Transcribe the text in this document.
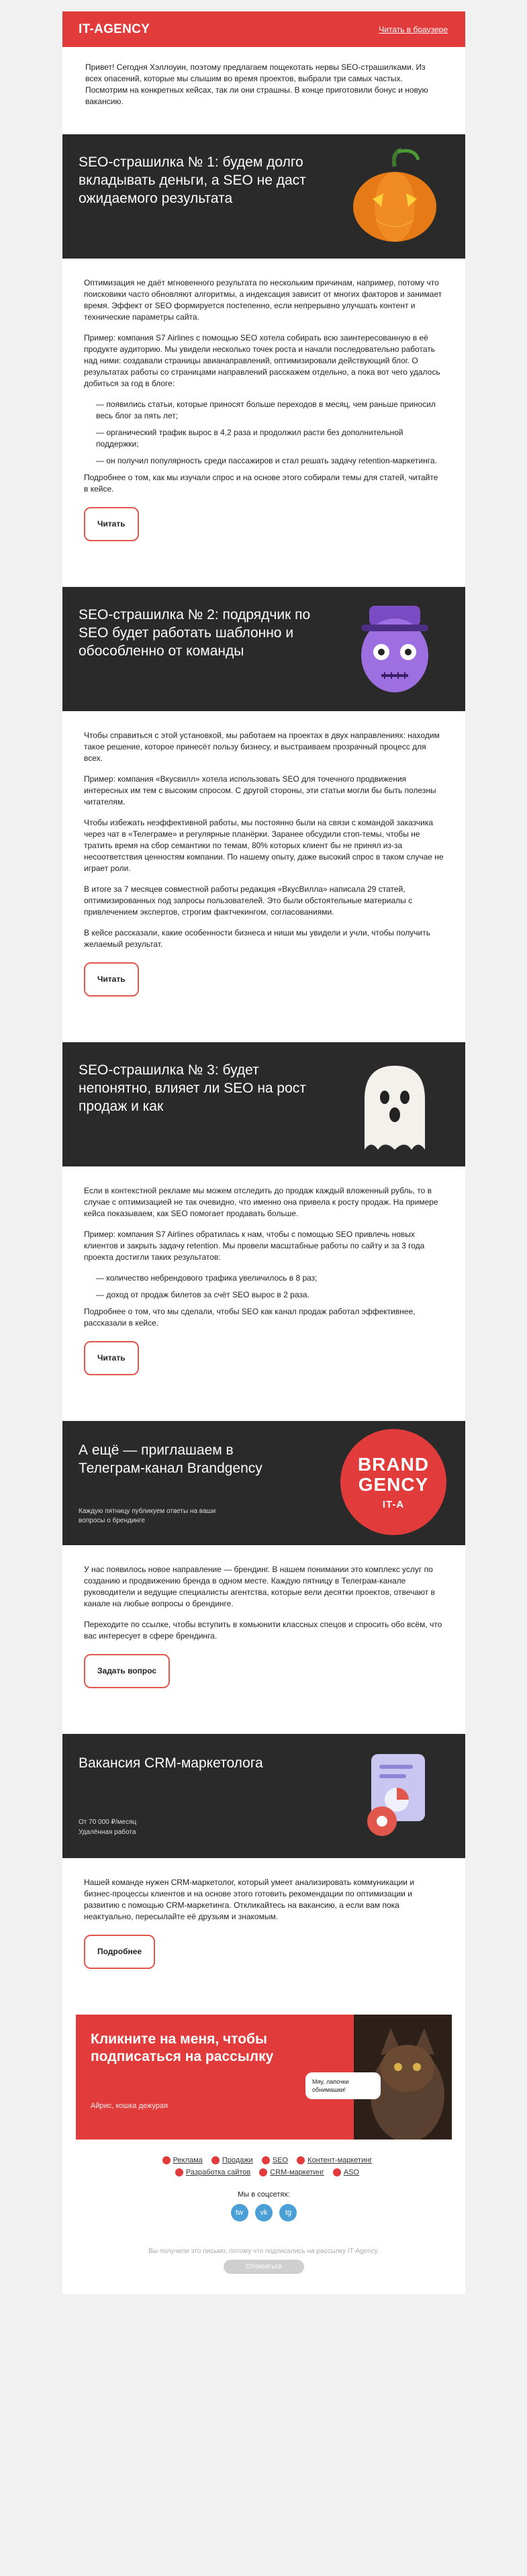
IT-AGENCY	Читать в браузере
Привет! Сегодня Хэллоуин, поэтому предлагаем пощекотать нервы SEO-страшилками. Из всех опасений, которые мы слышим во время проектов, выбрали три самых частых. Посмотрим на конкретных кейсах, так ли они страшны. В конце приготовили бонус и новую вакансию.
SEO-страшилка № 1: будем долго вкладывать деньги, а SEO не даст ожидаемого результата

Оптимизация не даёт мгновенного результата по нескольким причинам, например, потому что поисковики часто обновляют алгоритмы, а индексация зависит от многих факторов и занимает время. Эффект от SEO формируется постепенно, если непрерывно улучшать контент и технические параметры сайта.

Пример: компания S7 Airlines с помощью SEO хотела собирать всю заинтересованную в её продукте аудиторию. Мы увидели несколько точек роста и начали последовательно работать над ними: создавали страницы авианаправлений, оптимизировали действующий блог. О результатах работы со страницами направлений расскажем отдельно, а пока вот чего удалось добиться за год в блоге:

— появились статьи, которые приносят больше переходов в месяц, чем раньше приносил весь блог за пять лет;

— органический трафик вырос в 4,2 раза и продолжил расти без дополнительной поддержки;

— он получил популярность среди пассажиров и стал решать задачу retention-маркетинга.

Подробнее о том, как мы изучали спрос и на основе этого собирали темы для статей, читайте в кейсе.

Читать
SEO-страшилка № 2: подрядчик по SEO будет работать шаблонно и обособленно от команды

Чтобы справиться с этой установкой, мы работаем на проектах в двух направлениях: находим такое решение, которое принесёт пользу бизнесу, и выстраиваем прозрачный процесс для всех.

Пример: компания «Вкусвилл» хотела использовать SEO для точечного продвижения интересных им тем с высоким спросом. С другой стороны, эти статьи могли бы быть полезны читателям.

Чтобы избежать неэффективной работы, мы постоянно были на связи с командой заказчика через чат в «Телеграме» и регулярные планёрки. Заранее обсудили стоп-темы, чтобы не тратить время на сбор семантики по темам, 80% которых клиент бы не принял из-за несоответствия ценностям компании. По нашему опыту, даже высокий спрос в таком случае не играет роли.

В итоге за 7 месяцев совместной работы редакция «ВкусВилла» написала 29 статей, оптимизированных под запросы пользователей. Это были обстоятельные материалы с привлечением экспертов, строгим фактчекингом, согласованиями.

В кейсе рассказали, какие особенности бизнеса и ниши мы увидели и учли, чтобы получить желаемый результат.

Читать
SEO-страшилка № 3: будет непонятно, влияет ли SEO на рост продаж и как

Если в контекстной рекламе мы можем отследить до продаж каждый вложенный рубль, то в случае с оптимизацией не так очевидно, что именно она привела к росту продаж. На примере кейса показываем, как SEO помогает продавать больше.

Пример: компания S7 Airlines обратилась к нам, чтобы с помощью SEO привлечь новых клиентов и закрыть задачу retention. Мы провели масштабные работы по сайту и за 3 года проекта достигли таких результатов:

— количество небрендового трафика увеличилось в 8 раз;

— доход от продаж билетов за счёт SEO вырос в 2 раза.

Подробнее о том, что мы сделали, чтобы SEO как канал продаж работал эффективнее, рассказали в кейсе.

Читать
А ещё — приглашаем в Телеграм-канал Brandgency
Каждую пятницу публикуем ответы на ваши вопросы о брендинге
BRAND
GENCY
IT-A

У нас появилось новое направление — брендинг. В нашем понимании это комплекс услуг по созданию и продвижению бренда в одном месте. Каждую пятницу в Телеграм-канале руководители и ведущие специалисты агентства, которые вели десятки проектов, отвечают в канале на любые вопросы о брендинге.

Переходите по ссылке, чтобы вступить в комьюнити классных спецов и спросить обо всём, что вас интересует в сфере брендинга.

Задать вопрос
Вакансия CRM-маркетолога
От 70 000 ₽/месяц
Удалённая работа

Нашей команде нужен CRM-маркетолог, который умеет анализировать коммуникации и бизнес-процессы клиентов и на основе этого готовить рекомендации по оптимизации и развитию с помощью CRM-маркетинга. Откликайтесь на вакансию, а если вам пока неактуально, пересылайте её друзьям и знакомым.

Подробнее
Кликните на меня, чтобы подписаться на рассылку
Айрис, кошка дежурая
Мяу, лапочки обнимашки!
Реклама	Продажи	SEO	Контент-маркетинг
Разработка сайтов	CRM-маркетинг	ASO
Мы в соцсетях:
tw vk tg
Вы получили это письмо, потому что подписались на рассылку IT-Agency.
Отписаться
